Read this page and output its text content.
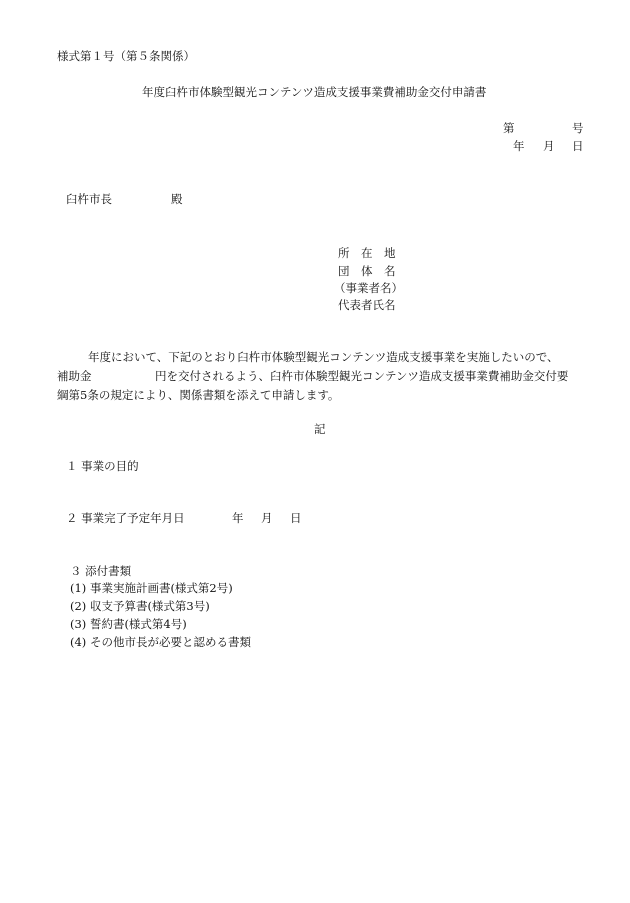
様式第１号（第５条関係）
年度臼杵市体験型観光コンテンツ造成支援事業費補助金交付申請書
第	号
年 月 日
臼杵市長	殿
所　在　地
団　体　名
（事業者名）
代表者氏名
年度において、下記のとおり臼杵市体験型観光コンテンツ造成支援事業を実施したいので、
補助金	円を交付されるよう、臼杵市体験型観光コンテンツ造成支援事業費補助金交付要
綱第5条の規定により、関係書類を添えて申請します。
記
１ 事業の目的
２ 事業完了予定年月日	年 月 日
３ 添付書類
(1) 事業実施計画書(様式第2号)
(2) 収支予算書(様式第3号)
(3) 誓約書(様式第4号)
(4) その他市長が必要と認める書類
